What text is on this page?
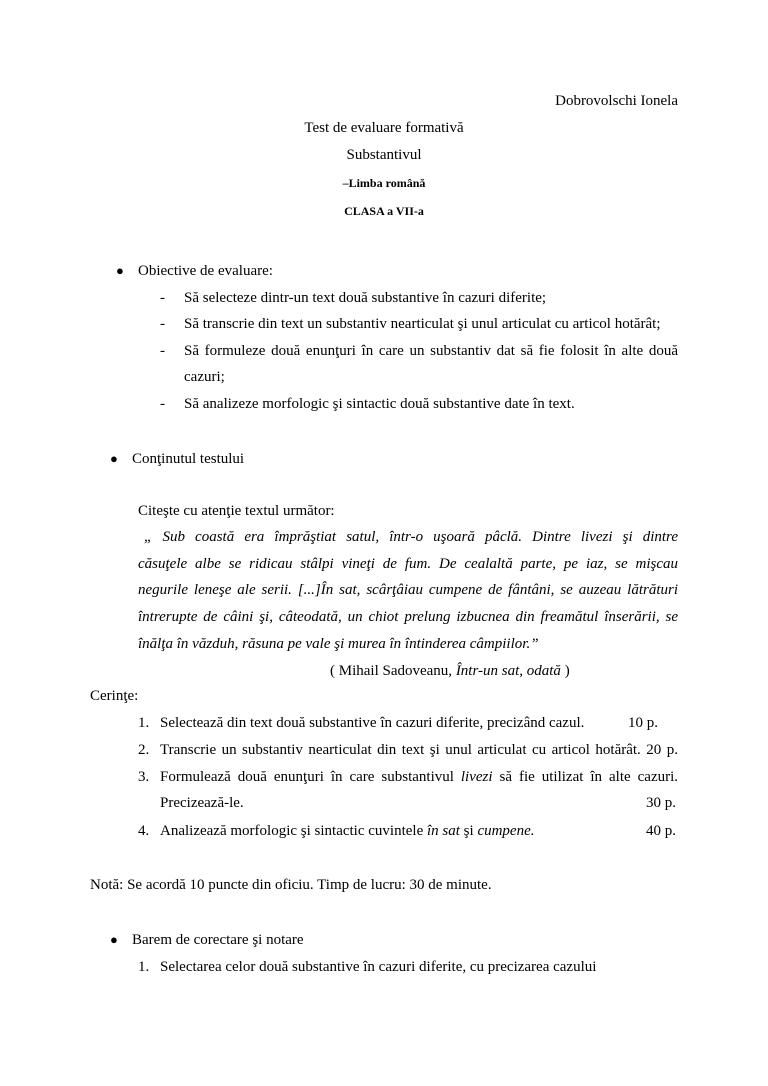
Dobrovolschi Ionela
Test de evaluare formativă
Substantivul
–Limba română
CLASA a VII-a
● Obiective de evaluare:
- Să selecteze dintr-un text două substantive în cazuri diferite;
- Să transcrie din text un substantiv nearticulat şi unul articulat cu articol hotărât;
- Să formuleze două enunţuri în care un substantiv dat să fie folosit în alte două
cazuri;
- Să analizeze morfologic şi sintactic două substantive date în text.
● Conţinutul testului
Citeşte cu atenţie textul următor:
„ Sub coastă era împrăştiat satul, într-o uşoară pâclă. Dintre livezi şi dintre
căsuţele albe se ridicau stâlpi vineţi de fum. De cealaltă parte, pe iaz, se mişcau
negurile leneşe ale serii. [...]În sat, scârţâiau cumpene de fântâni, se auzeau lătrături
întrerupte de câini şi, câteodată, un chiot prelung izbucnea din freamătul înserării, se
înălţa în văzduh, răsuna pe vale şi murea în întinderea câmpiilor.”
( Mihail Sadoveanu, Într-un sat, odată )
Cerinţe:
1. Selectează din text două substantive în cazuri diferite, precizând cazul.	10 p.
2. Transcrie un substantiv nearticulat din text şi unul articulat cu articol hotărât. 20 p.
3. Formulează două enunţuri în care substantivul livezi să fie utilizat în alte cazuri.
Precizează-le.	30 p.
4. Analizează morfologic şi sintactic cuvintele în sat şi cumpene.	40 p.
Notă: Se acordă 10 puncte din oficiu. Timp de lucru: 30 de minute.
● Barem de corectare şi notare
1. Selectarea celor două substantive în cazuri diferite, cu precizarea cazului
